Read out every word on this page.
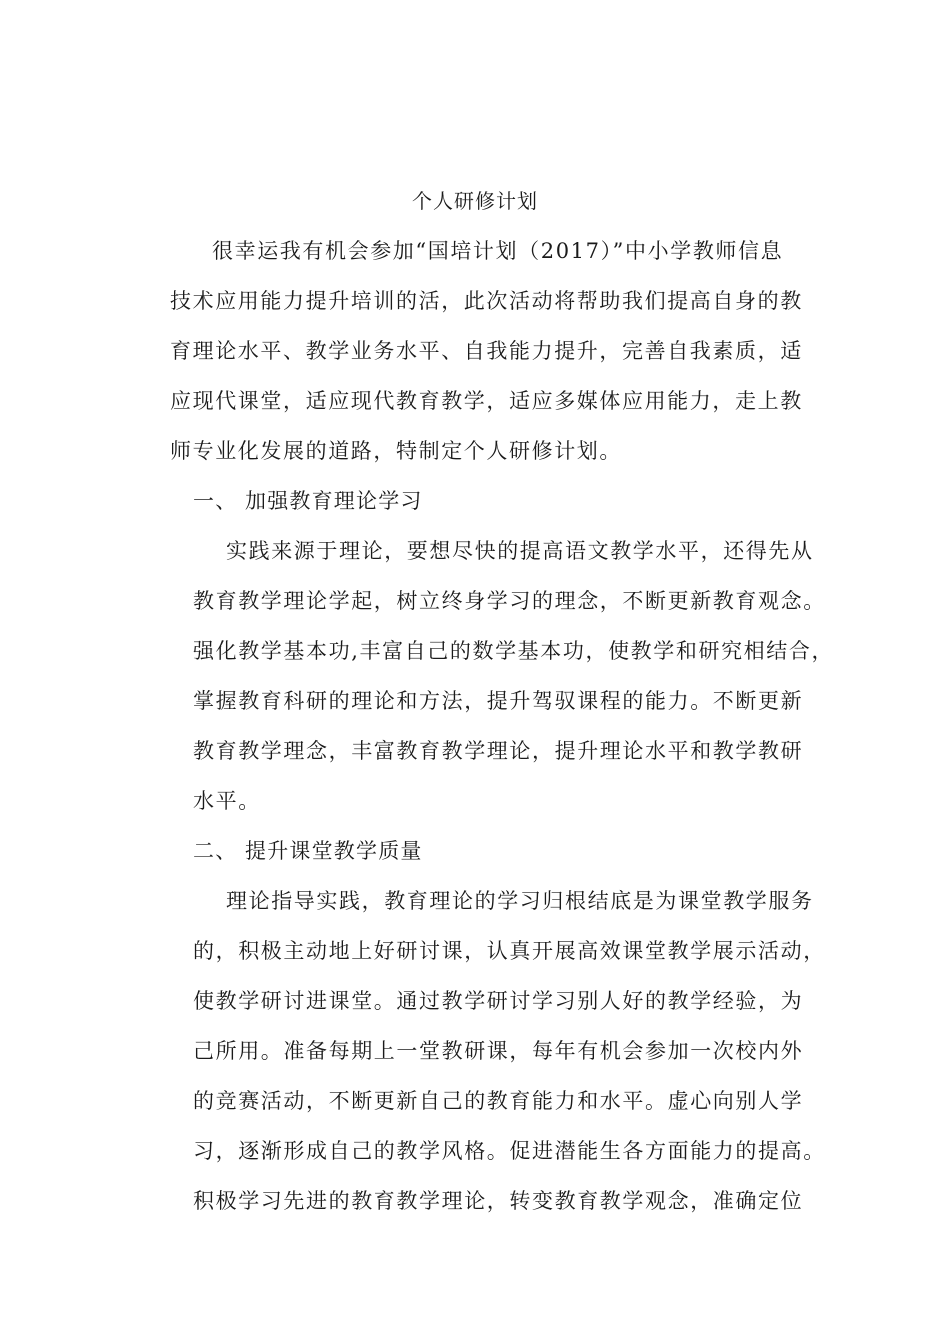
个人研修计划
很幸运我有机会参加“国培计划（2017）”中小学教师信息
技术应用能力提升培训的活，此次活动将帮助我们提高自身的教
育理论水平、教学业务水平、自我能力提升，完善自我素质，适
应现代课堂，适应现代教育教学，适应多媒体应用能力，走上教
师专业化发展的道路，特制定个人研修计划。
一、 加强教育理论学习
实践来源于理论，要想尽快的提高语文教学水平，还得先从
教育教学理论学起，树立终身学习的理念，不断更新教育观念。
强化教学基本功,丰富自己的数学基本功，使教学和研究相结合，
掌握教育科研的理论和方法，提升驾驭课程的能力。不断更新
教育教学理念，丰富教育教学理论，提升理论水平和教学教研
水平。
二、 提升课堂教学质量
理论指导实践，教育理论的学习归根结底是为课堂教学服务
的，积极主动地上好研讨课，认真开展高效课堂教学展示活动，
使教学研讨进课堂。通过教学研讨学习别人好的教学经验，为
己所用。准备每期上一堂教研课，每年有机会参加一次校内外
的竞赛活动，不断更新自己的教育能力和水平。虚心向别人学
习，逐渐形成自己的教学风格。促进潜能生各方面能力的提高。
积极学习先进的教育教学理论，转变教育教学观念，准确定位
